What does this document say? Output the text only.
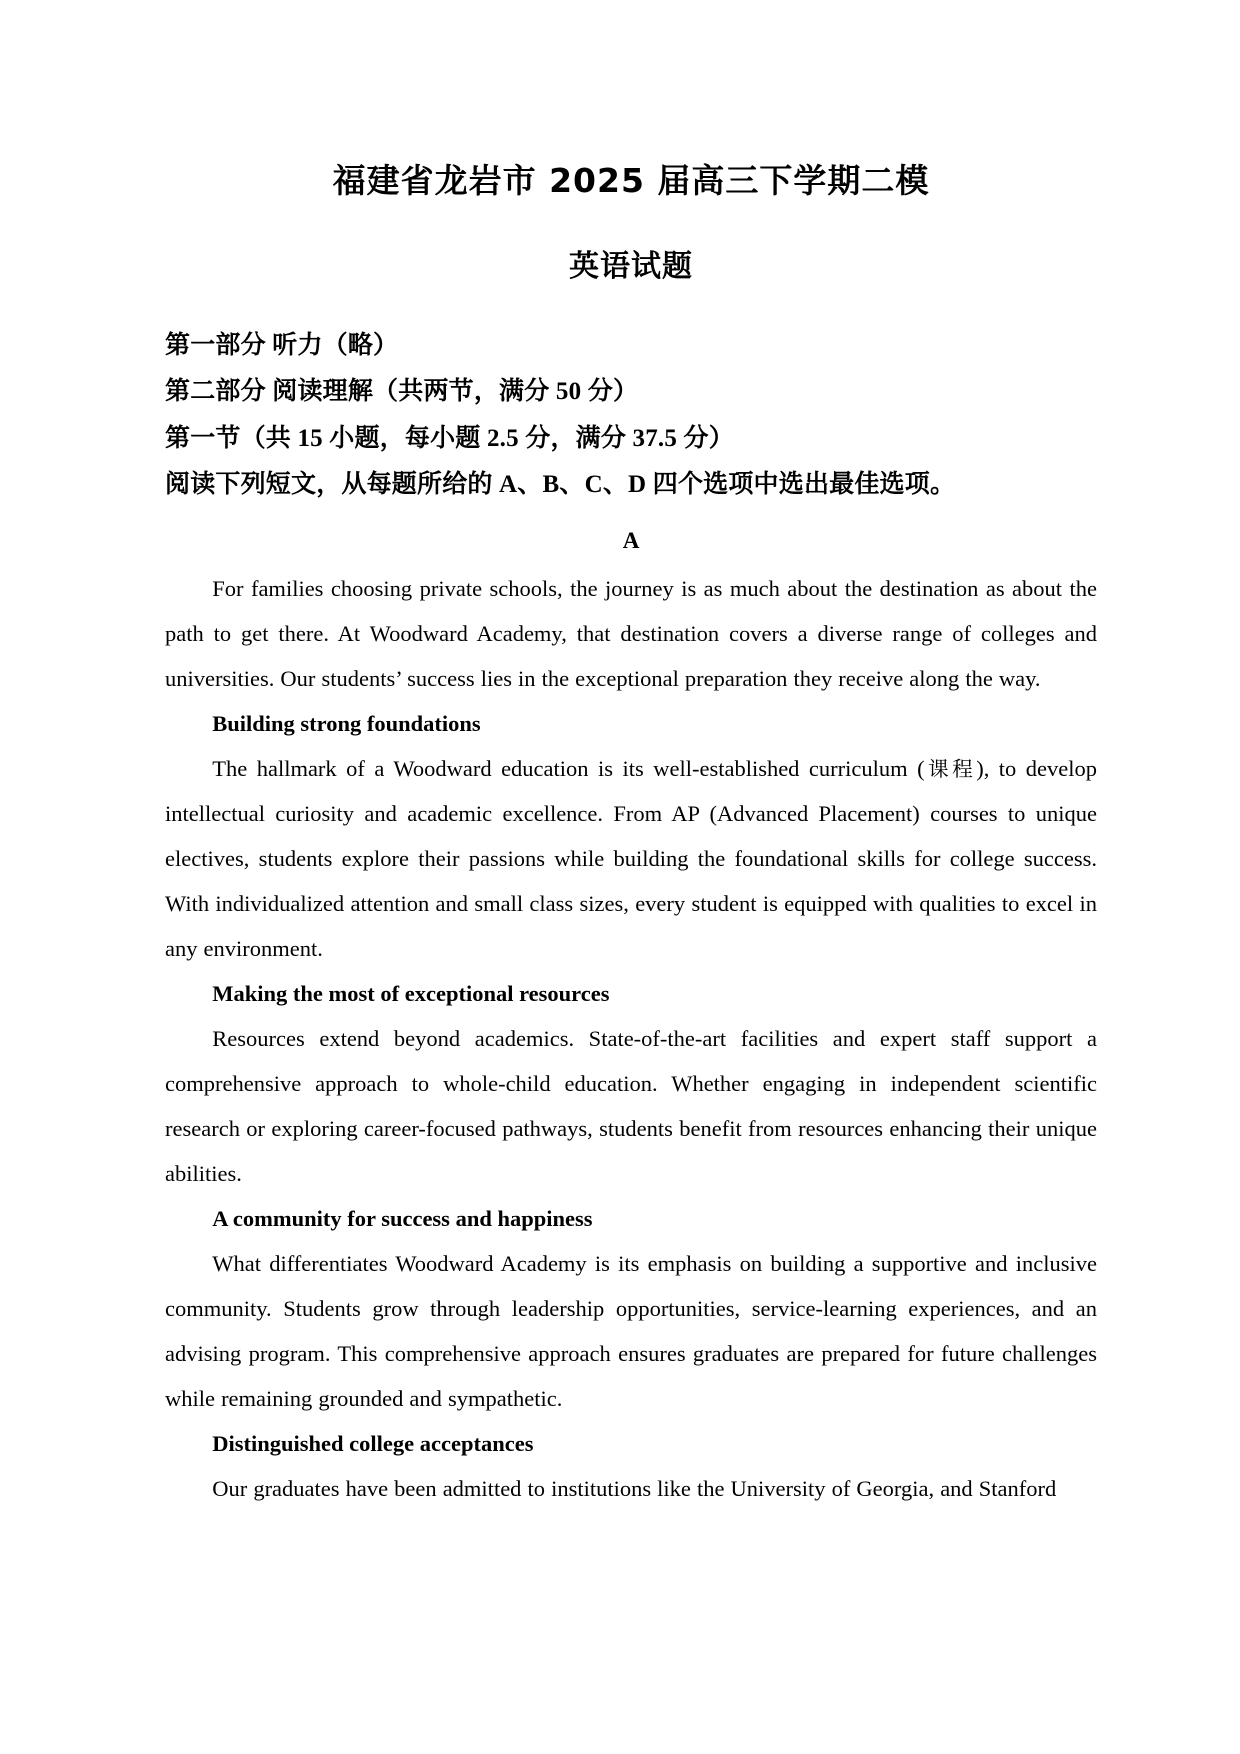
福建省龙岩市 2025 届高三下学期二模
英语试题

第一部分 听力（略）

第二部分 阅读理解（共两节，满分 50 分）

第一节（共 15 小题，每小题 2.5 分，满分 37.5 分）

阅读下列短文，从每题所给的 A、B、C、D 四个选项中选出最佳选项。

A

For families choosing private schools, the journey is as much about the destination as about the path to get there. At Woodward Academy, that destination covers a diverse range of colleges and universities. Our students’ success lies in the exceptional preparation they receive along the way.

Building strong foundations

The hallmark of a Woodward education is its well-established curriculum (课程), to develop intellectual curiosity and academic excellence. From AP (Advanced Placement) courses to unique electives, students explore their passions while building the foundational skills for college success. With individualized attention and small class sizes, every student is equipped with qualities to excel in any environment.

Making the most of exceptional resources

Resources extend beyond academics. State-of-the-art facilities and expert staff support a comprehensive approach to whole-child education. Whether engaging in independent scientific research or exploring career-focused pathways, students benefit from resources enhancing their unique abilities.

A community for success and happiness

What differentiates Woodward Academy is its emphasis on building a supportive and inclusive community. Students grow through leadership opportunities, service-learning experiences, and an advising program. This comprehensive approach ensures graduates are prepared for future challenges while remaining grounded and sympathetic.

Distinguished college acceptances

Our graduates have been admitted to institutions like the University of Georgia, and Stanford
